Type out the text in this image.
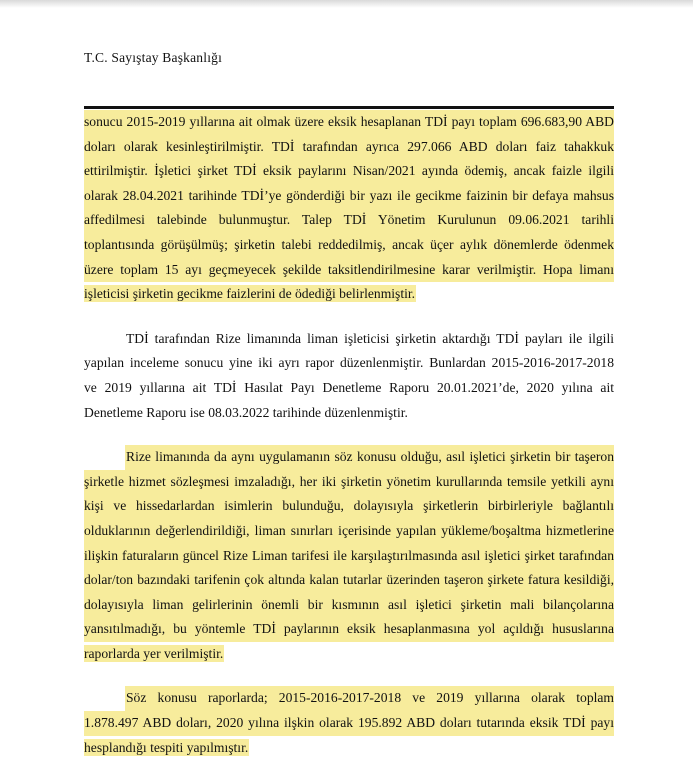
T.C. Sayıştay Başkanlığı
sonucu 2015-2019 yıllarına ait olmak üzere eksik hesaplanan TDİ payı toplam 696.683,90 ABD
doları olarak kesinleştirilmiştir. TDİ tarafından ayrıca 297.066 ABD doları faiz tahakkuk
ettirilmiştir. İşletici şirket TDİ eksik paylarını Nisan/2021 ayında ödemiş, ancak faizle ilgili
olarak 28.04.2021 tarihinde TDİ’ye gönderdiği bir yazı ile gecikme faizinin bir defaya mahsus
affedilmesi talebinde bulunmuştur. Talep TDİ Yönetim Kurulunun 09.06.2021 tarihli
toplantısında görüşülmüş; şirketin talebi reddedilmiş, ancak üçer aylık dönemlerde ödenmek
üzere toplam 15 ayı geçmeyecek şekilde taksitlendirilmesine karar verilmiştir. Hopa limanı
işleticisi şirketin gecikme faizlerini de ödediği belirlenmiştir.
TDİ tarafından Rize limanında liman işleticisi şirketin aktardığı TDİ payları ile ilgili
yapılan inceleme sonucu yine iki ayrı rapor düzenlenmiştir. Bunlardan 2015-2016-2017-2018
ve 2019 yıllarına ait TDİ Hasılat Payı Denetleme Raporu 20.01.2021’de, 2020 yılına ait
Denetleme Raporu ise 08.03.2022 tarihinde düzenlenmiştir.
Rize limanında da aynı uygulamanın söz konusu olduğu, asıl işletici şirketin bir taşeron
şirketle hizmet sözleşmesi imzaladığı, her iki şirketin yönetim kurullarında temsile yetkili aynı
kişi ve hissedarlardan isimlerin bulunduğu, dolayısıyla şirketlerin birbirleriyle bağlantılı
olduklarının değerlendirildiği, liman sınırları içerisinde yapılan yükleme/boşaltma hizmetlerine
ilişkin faturaların güncel Rize Liman tarifesi ile karşılaştırılmasında asıl işletici şirket tarafından
dolar/ton bazındaki tarifenin çok altında kalan tutarlar üzerinden taşeron şirkete fatura kesildiği,
dolayısıyla liman gelirlerinin önemli bir kısmının asıl işletici şirketin mali bilançolarına
yansıtılmadığı, bu yöntemle TDİ paylarının eksik hesaplanmasına yol açıldığı hususlarına
raporlarda yer verilmiştir.
Söz konusu raporlarda; 2015-2016-2017-2018 ve 2019 yıllarına olarak toplam
1.878.497 ABD doları, 2020 yılına ilşkin olarak 195.892 ABD doları tutarında eksik TDİ payı
hesplandığı tespiti yapılmıştır.
